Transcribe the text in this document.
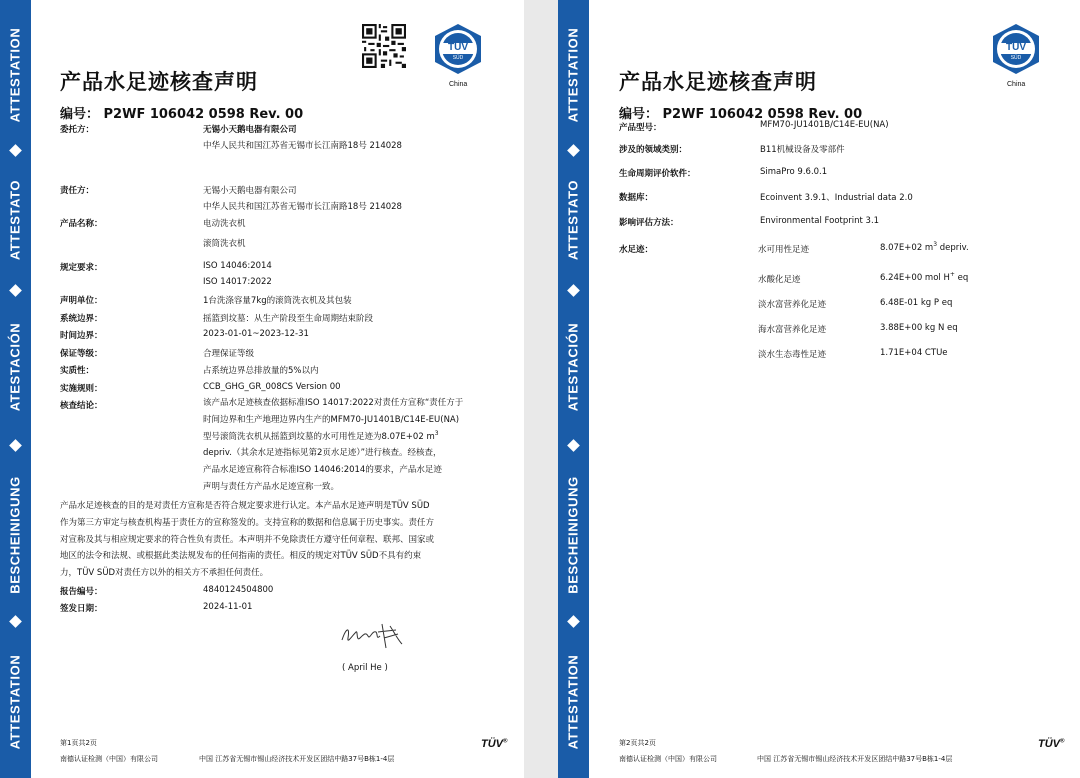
ATTESTATION
ATTESTATO
ATESTACIÓN
BESCHEINIGUNG
ATTESTATION
TÜV
SÜD
China
产品水足迹核查声明
编号： P2WF 106042 0598 Rev. 00
委托方：	无锡小天鹅电器有限公司
中华人民共和国江苏省无锡市长江南路18号 214028
责任方：	无锡小天鹅电器有限公司
中华人民共和国江苏省无锡市长江南路18号 214028
产品名称：	电动洗衣机
滚筒洗衣机
规定要求：	ISO 14046:2014
ISO 14017:2022
声明单位：	1台洗涤容量7kg的滚筒洗衣机及其包装
系统边界：	摇篮到坟墓：从生产阶段至生命周期结束阶段
时间边界：	2023-01-01~2023-12-31
保证等级：	合理保证等级
实质性：	占系统边界总排放量的5%以内
实施规则：	CCB_GHG_GR_008CS Version 00
核查结论：	该产品水足迹核查依据标准ISO 14017:2022对责任方宣称“责任方于
时间边界和生产地理边界内生产的MFM70-JU1401B/C14E-EU(NA)
型号滚筒洗衣机从摇篮到坟墓的水可用性足迹为8.07E+02 $m^3$
depriv.（其余水足迹指标见第2页水足迹）”进行核查。经核查，
产品水足迹宣称符合标准ISO 14046:2014的要求，产品水足迹
声明与责任方产品水足迹宣称一致。
产品水足迹核查的目的是对责任方宣称是否符合规定要求进行认定。本产品水足迹声明是TÜV SÜD
作为第三方审定与核查机构基于责任方的宣称签发的。支持宣称的数据和信息属于历史事实。责任方
对宣称及其与相应规定要求的符合性负有责任。本声明并不免除责任方遵守任何章程、联邦、国家或
地区的法令和法规、或根据此类法规发布的任何指南的责任。相反的规定对TÜV SÜD不具有约束
力，TÜV SÜD对责任方以外的相关方不承担任何责任。
报告编号：	4840124504800
签发日期：	2024-11-01
( April He )
第1页共2页
南德认证检测（中国）有限公司	中国 江苏省无锡市锡山经济技术开发区团结中路37号B栋1-4层
TÜV®
ATTESTATION
ATTESTATO
ATESTACIÓN
BESCHEINIGUNG
ATTESTATION
TÜV
SÜD
China
产品水足迹核查声明
编号： P2WF 106042 0598 Rev. 00
产品型号：	MFM70-JU1401B/C14E-EU(NA)
涉及的领域类别：	B11机械设备及零部件
生命周期评价软件：	SimaPro 9.6.0.1
数据库：	Ecoinvent 3.9.1、Industrial data 2.0
影响评估方法：	Environmental Footprint 3.1
水足迹：	水可用性足迹	8.07E+02 $m^3$ depriv.
水酸化足迹	6.24E+00 mol H+ eq
淡水富营养化足迹	6.48E-01 kg P eq
海水富营养化足迹	3.88E+00 kg N eq
淡水生态毒性足迹	1.71E+04 CTUe
第2页共2页
南德认证检测（中国）有限公司	中国 江苏省无锡市锡山经济技术开发区团结中路37号B栋1-4层
TÜV®
